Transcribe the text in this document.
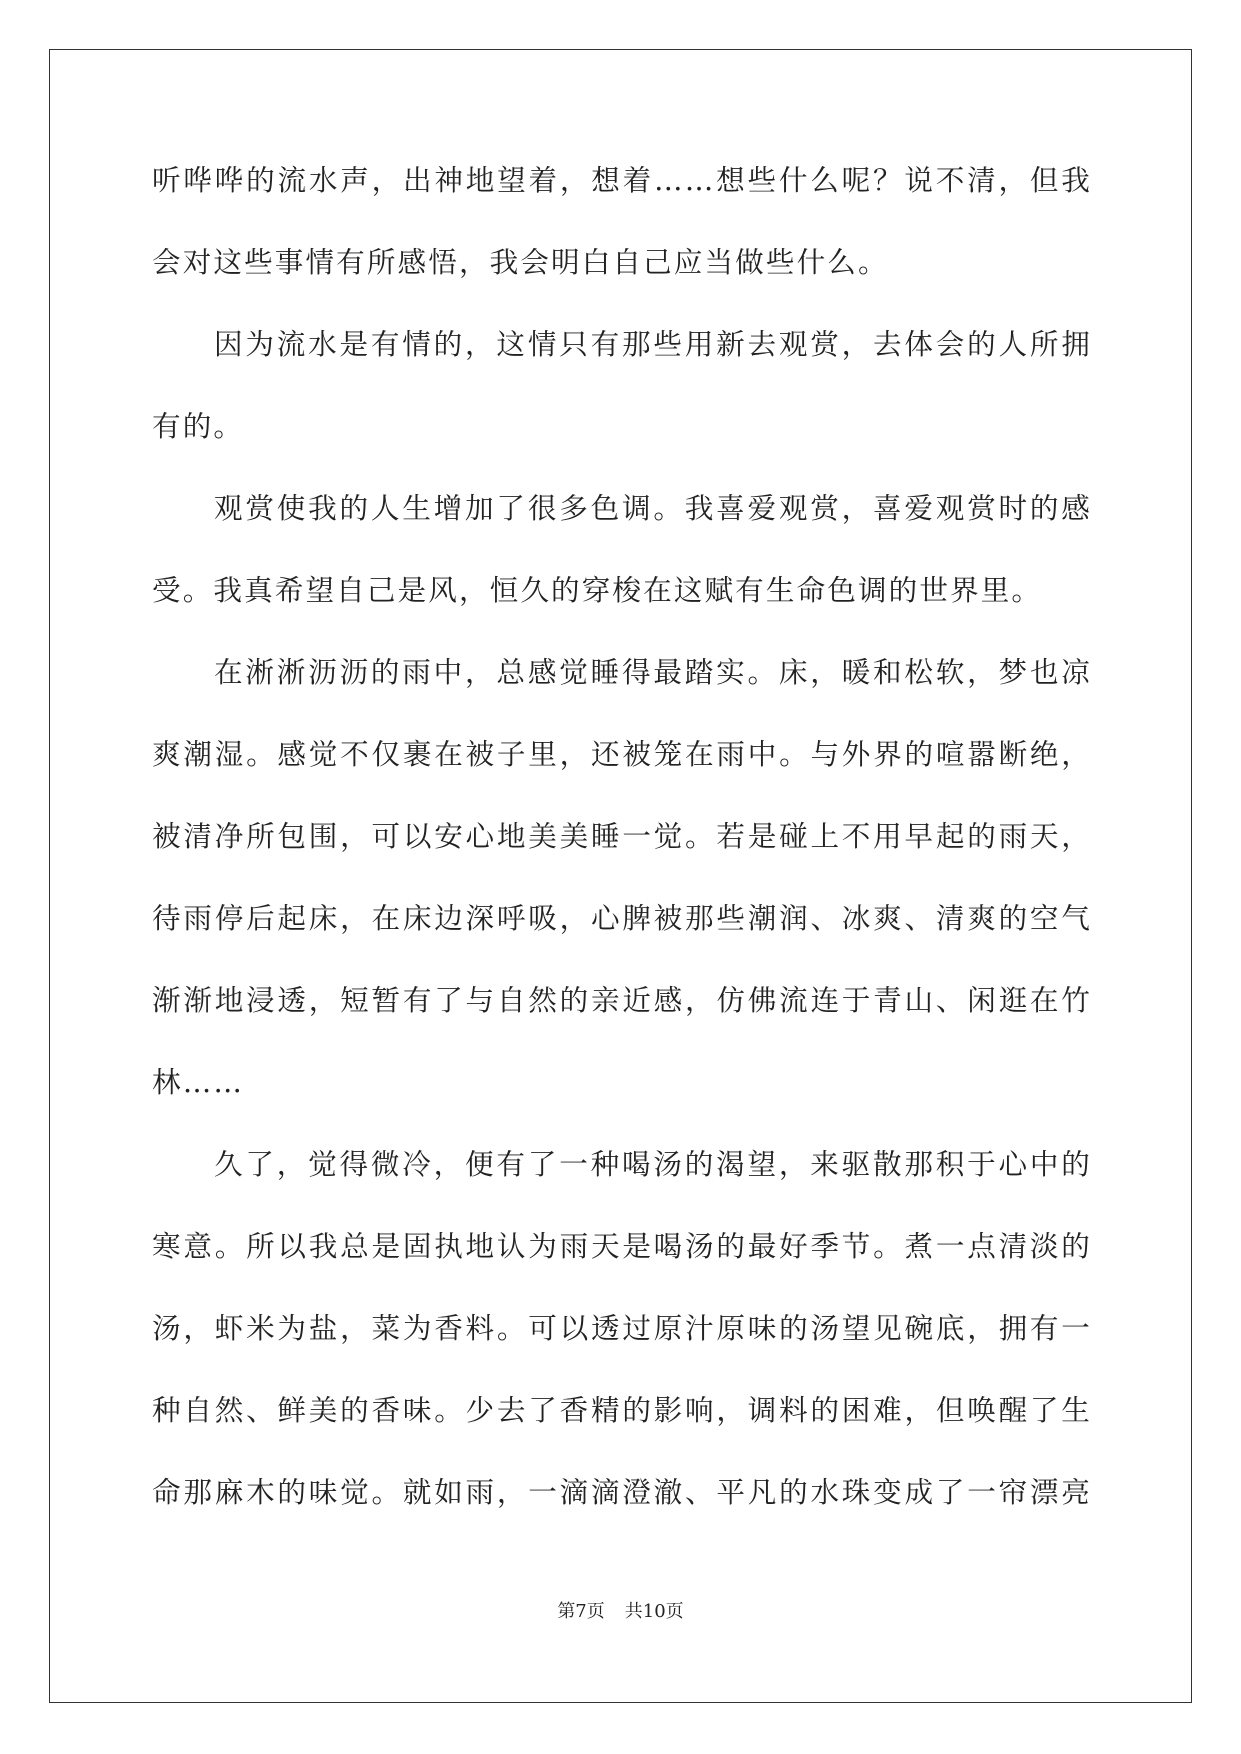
听哗哗的流水声，出神地望着，想着……想些什么呢？说不清，但我
会对这些事情有所感悟，我会明白自己应当做些什么。
因为流水是有情的，这情只有那些用新去观赏，去体会的人所拥
有的。
观赏使我的人生增加了很多色调。我喜爱观赏，喜爱观赏时的感
受。我真希望自己是风，恒久的穿梭在这赋有生命色调的世界里。
在淅淅沥沥的雨中，总感觉睡得最踏实。床，暖和松软，梦也凉
爽潮湿。感觉不仅裹在被子里，还被笼在雨中。与外界的喧嚣断绝，
被清净所包围，可以安心地美美睡一觉。若是碰上不用早起的雨天，
待雨停后起床，在床边深呼吸，心脾被那些潮润、冰爽、清爽的空气
渐渐地浸透，短暂有了与自然的亲近感，仿佛流连于青山、闲逛在竹
林……
久了，觉得微冷，便有了一种喝汤的渴望，来驱散那积于心中的
寒意。所以我总是固执地认为雨天是喝汤的最好季节。煮一点清淡的
汤，虾米为盐，菜为香料。可以透过原汁原味的汤望见碗底，拥有一
种自然、鲜美的香味。少去了香精的影响，调料的困难，但唤醒了生
命那麻木的味觉。就如雨，一滴滴澄澈、平凡的水珠变成了一帘漂亮
第7页 共10页
